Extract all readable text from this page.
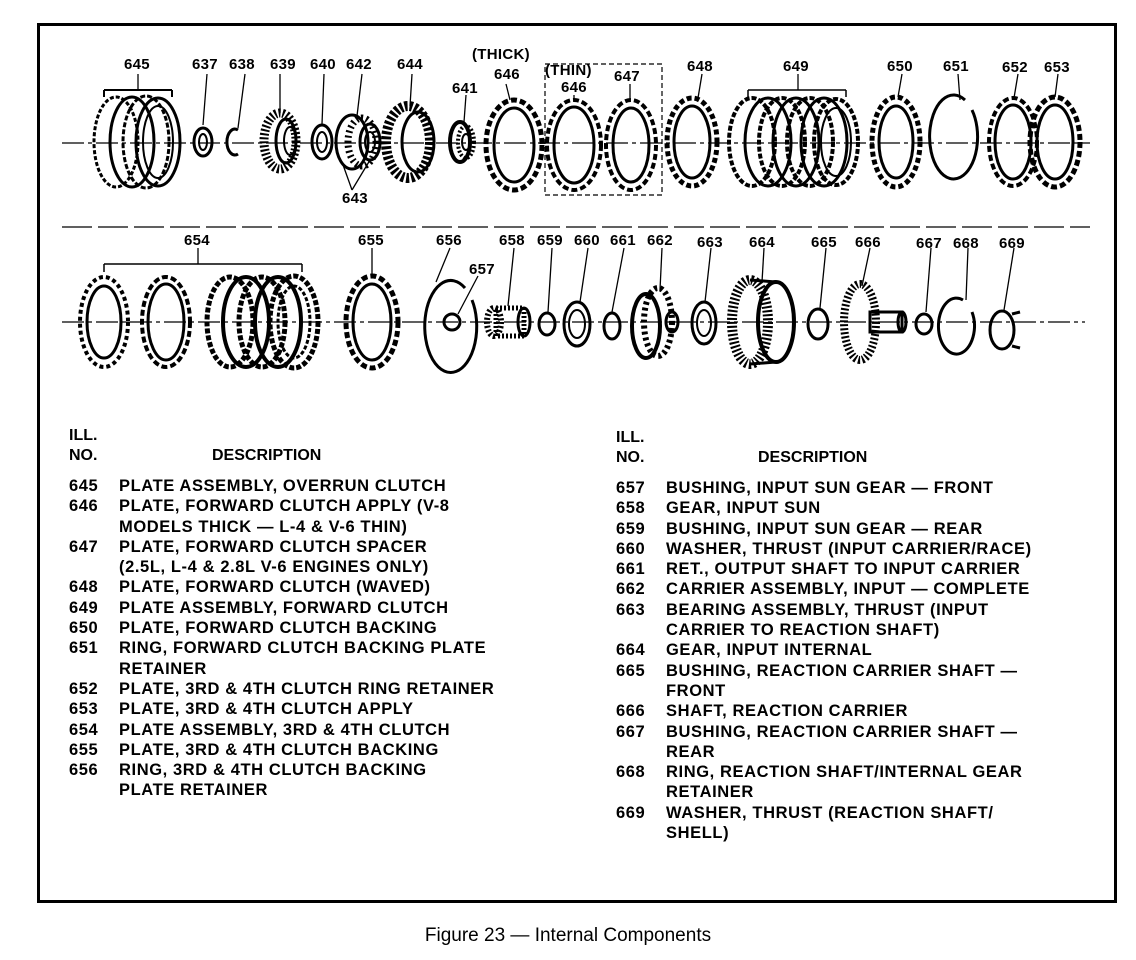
645	637 638 639 640 642 644
641
643
(THICK)
646 (THIN)
646
647
648	649	650 651 652 653
654	655	656
657
658 659 660 661 662 663 664 665 666 667 668 669
ILL.
NO.	DESCRIPTION
ILL.
NO.	DESCRIPTION
645	PLATE ASSEMBLY, OVERRUN CLUTCH
646	PLATE, FORWARD CLUTCH APPLY (V-8
MODELS THICK — L-4 & V-6 THIN)
647	PLATE, FORWARD CLUTCH SPACER
(2.5L, L-4 & 2.8L V-6 ENGINES ONLY)
648	PLATE, FORWARD CLUTCH (WAVED)
649	PLATE ASSEMBLY, FORWARD CLUTCH
650	PLATE, FORWARD CLUTCH BACKING
651	RING, FORWARD CLUTCH BACKING PLATE
RETAINER
652	PLATE, 3RD & 4TH CLUTCH RING RETAINER
653	PLATE, 3RD & 4TH CLUTCH APPLY
654	PLATE ASSEMBLY, 3RD & 4TH CLUTCH
655	PLATE, 3RD & 4TH CLUTCH BACKING
656	RING, 3RD & 4TH CLUTCH BACKING
PLATE RETAINER
657	BUSHING, INPUT SUN GEAR — FRONT
658	GEAR, INPUT SUN
659	BUSHING, INPUT SUN GEAR — REAR
660	WASHER, THRUST (INPUT CARRIER/RACE)
661	RET., OUTPUT SHAFT TO INPUT CARRIER
662	CARRIER ASSEMBLY, INPUT — COMPLETE
663	BEARING ASSEMBLY, THRUST (INPUT
CARRIER TO REACTION SHAFT)
664	GEAR, INPUT INTERNAL
665	BUSHING, REACTION CARRIER SHAFT —
FRONT
666	SHAFT, REACTION CARRIER
667	BUSHING, REACTION CARRIER SHAFT —
REAR
668	RING, REACTION SHAFT/INTERNAL GEAR
RETAINER
669	WASHER, THRUST (REACTION SHAFT/
SHELL)
Figure 23 — Internal Components
